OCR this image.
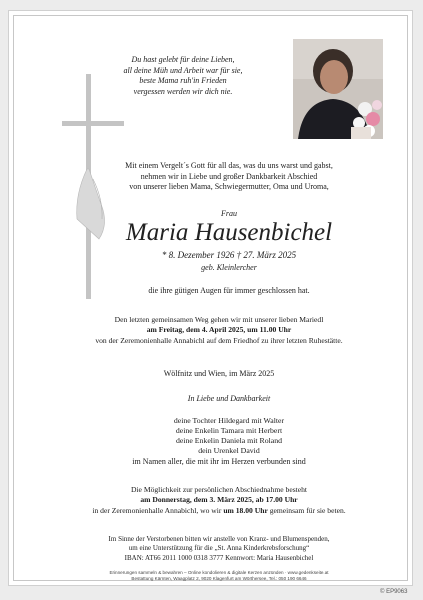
Du hast gelebt für deine Lieben,

all deine Müh und Arbeit war für sie,

beste Mama ruh'in Frieden

vergessen werden wir dich nie.

Mit einem Vergelt´s Gott für all das, was du uns warst und gabst,

nehmen wir in Liebe und großer Dankbarkeit Abschied

von unserer lieben Mama, Schwiegermutter, Oma und Uroma,

Frau
Maria Hausenbichel
* 8. Dezember 1926 † 27. März 2025
geb. Kleinlercher
die ihre gütigen Augen für immer geschlossen hat.

Den letzten gemeinsamen Weg gehen wir mit unserer lieben Mariedl

am Freitag, dem 4. April 2025, um 11.00 Uhr

von der Zeremonienhalle Annabichl auf dem Friedhof zu ihrer letzten Ruhestätte.

Wölfnitz und Wien, im März 2025
In Liebe und Dankbarkeit

deine Tochter Hildegard mit Walter

deine Enkelin Tamara mit Herbert

deine Enkelin Daniela mit Roland

dein Urenkel David

im Namen aller, die mit ihr im Herzen verbunden sind

Die Möglichkeit zur persönlichen Abschiednahme besteht

am Donnerstag, dem 3. März 2025, ab 17.00 Uhr

in der Zeremonienhalle Annabichl, wo wir um 18.00 Uhr gemeinsam für sie beten.

Im Sinne der Verstorbenen bitten wir anstelle von Kranz- und Blumenspenden,

um eine Unterstützung für die „St. Anna Kinderkrebsforschung“

IBAN: AT66 2011 1000 0318 3777 Kennwort: Maria Hausenbichel

Erinnerungen sammeln & bewahren – Online kondolieren & digitale Kerzen anzünden · www.gedenkseite.at

Bestattung Kärnten, Waagplatz 2, 9020 Klagenfurt am Wörthersee, Tel.: 050 190 6646

© EP9063
